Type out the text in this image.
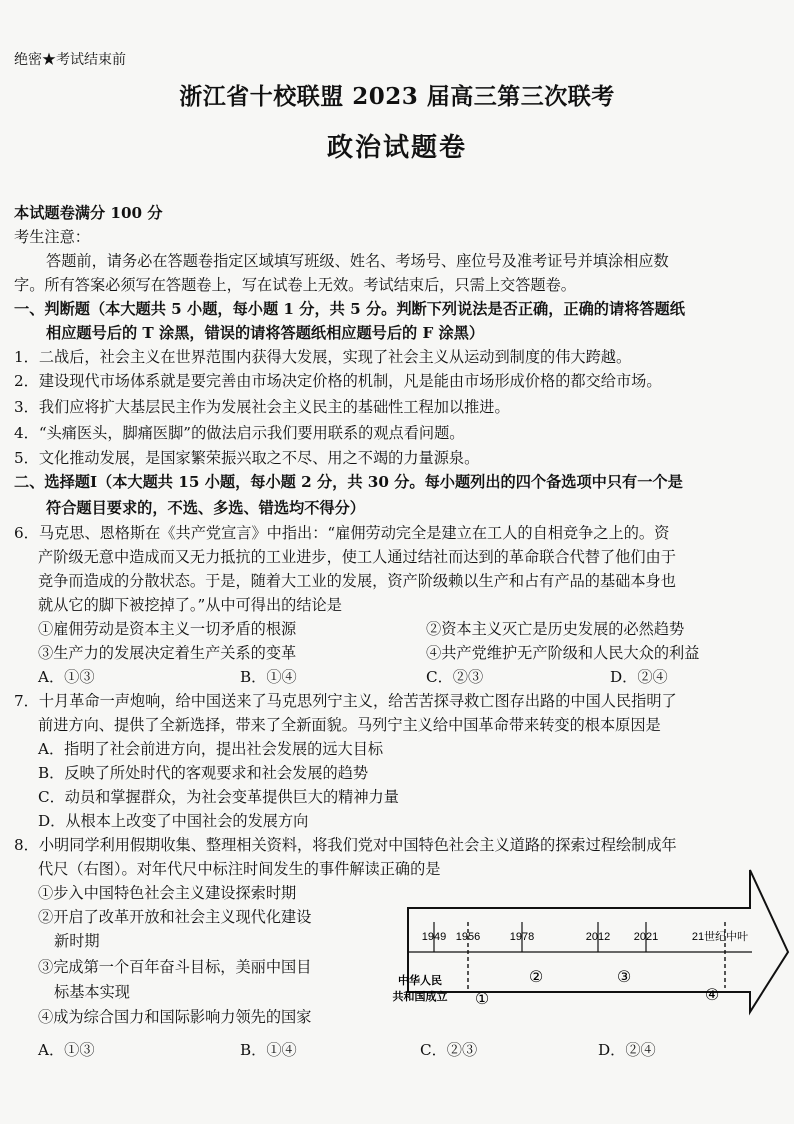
绝密★考试结束前
浙江省十校联盟 2023 届高三第三次联考
政治试题卷
本试题卷满分 100 分
考生注意：
答题前，请务必在答题卷指定区域填写班级、姓名、考场号、座位号及准考证号并填涂相应数
字。所有答案必须写在答题卷上，写在试卷上无效。考试结束后，只需上交答题卷。
一、判断题（本大题共 5 小题，每小题 1 分，共 5 分。判断下列说法是否正确，正确的请将答题纸
相应题号后的 T 涂黑，错误的请将答题纸相应题号后的 F 涂黑）
1．二战后，社会主义在世界范围内获得大发展，实现了社会主义从运动到制度的伟大跨越。
2．建设现代市场体系就是要完善由市场决定价格的机制，凡是能由市场形成价格的都交给市场。
3．我们应将扩大基层民主作为发展社会主义民主的基础性工程加以推进。
4．“头痛医头，脚痛医脚”的做法启示我们要用联系的观点看问题。
5．文化推动发展，是国家繁荣振兴取之不尽、用之不竭的力量源泉。
二、选择题Ⅰ（本大题共 15 小题，每小题 2 分，共 30 分。每小题列出的四个备选项中只有一个是
符合题目要求的，不选、多选、错选均不得分）
6．马克思、恩格斯在《共产党宣言》中指出：“雇佣劳动完全是建立在工人的自相竞争之上的。资
产阶级无意中造成而又无力抵抗的工业进步，使工人通过结社而达到的革命联合代替了他们由于
竞争而造成的分散状态。于是，随着大工业的发展，资产阶级赖以生产和占有产品的基础本身也
就从它的脚下被挖掉了。”从中可得出的结论是
①雇佣劳动是资本主义一切矛盾的根源	②资本主义灭亡是历史发展的必然趋势
③生产力的发展决定着生产关系的变革	④共产党维护无产阶级和人民大众的利益
A．①③	B．①④	C．②③	D．②④
7．十月革命一声炮响，给中国送来了马克思列宁主义，给苦苦探寻救亡图存出路的中国人民指明了
前进方向、提供了全新选择，带来了全新面貌。马列宁主义给中国革命带来转变的根本原因是
A．指明了社会前进方向，提出社会发展的远大目标
B．反映了所处时代的客观要求和社会发展的趋势
C．动员和掌握群众，为社会变革提供巨大的精神力量
D．从根本上改变了中国社会的发展方向
8．小明同学利用假期收集、整理相关资料，将我们党对中国特色社会主义道路的探索过程绘制成年
代尺（右图）。对年代尺中标注时间发生的事件解读正确的是
①步入中国特色社会主义建设探索时期
②开启了改革开放和社会主义现代化建设
新时期
③完成第一个百年奋斗目标，美丽中国目
标基本实现
④成为综合国力和国际影响力领先的国家
A．①③	B．①④	C．②③	D．②④
1949 1956	1978	2012 2021	21世纪中叶
中华人民
共和国成立 ①
②	③
④
